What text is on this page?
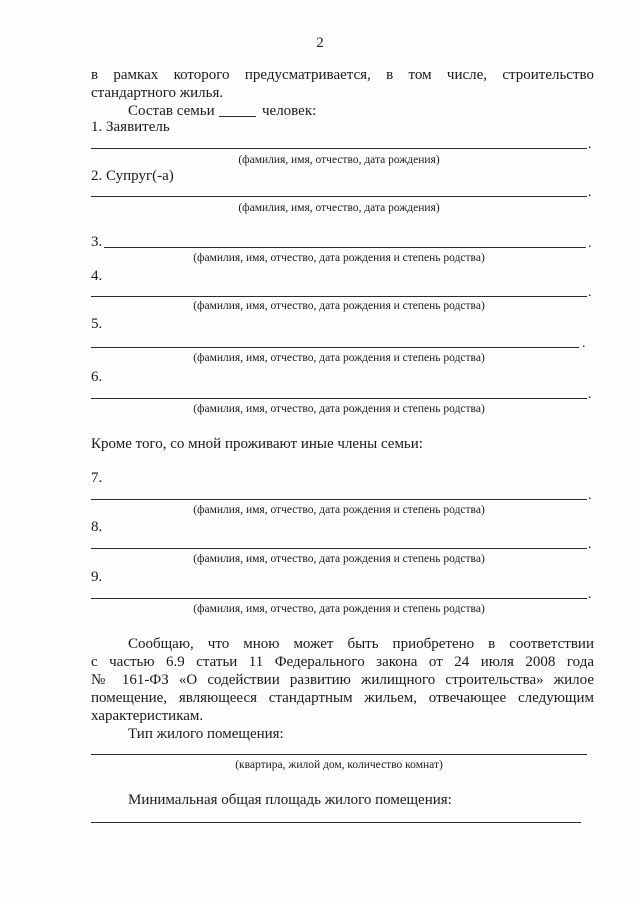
2
в рамках которого предусматривается, в том числе, строительство
стандартного жилья.
Состав семьи	человек:
1. Заявитель
.
(фамилия, имя, отчество, дата рождения)
2. Супруг(-а)
.
(фамилия, имя, отчество, дата рождения)
3.	.
(фамилия, имя, отчество, дата рождения и степень родства)
4.
.
(фамилия, имя, отчество, дата рождения и степень родства)
5.
.
(фамилия, имя, отчество, дата рождения и степень родства)
6.
.
(фамилия, имя, отчество, дата рождения и степень родства)
Кроме того, со мной проживают иные члены семьи:
7.
.
(фамилия, имя, отчество, дата рождения и степень родства)
8.
.
(фамилия, имя, отчество, дата рождения и степень родства)
9.
.
(фамилия, имя, отчество, дата рождения и степень родства)
Сообщаю, что мною может быть приобретено в соответствии
с частью 6.9 статьи 11 Федерального закона от 24 июля 2008 года
№ 161-ФЗ «О содействии развитию жилищного строительства» жилое
помещение, являющееся стандартным жильем, отвечающее следующим
характеристикам.
Тип жилого помещения:
(квартира, жилой дом, количество комнат)
Минимальная общая площадь жилого помещения:
